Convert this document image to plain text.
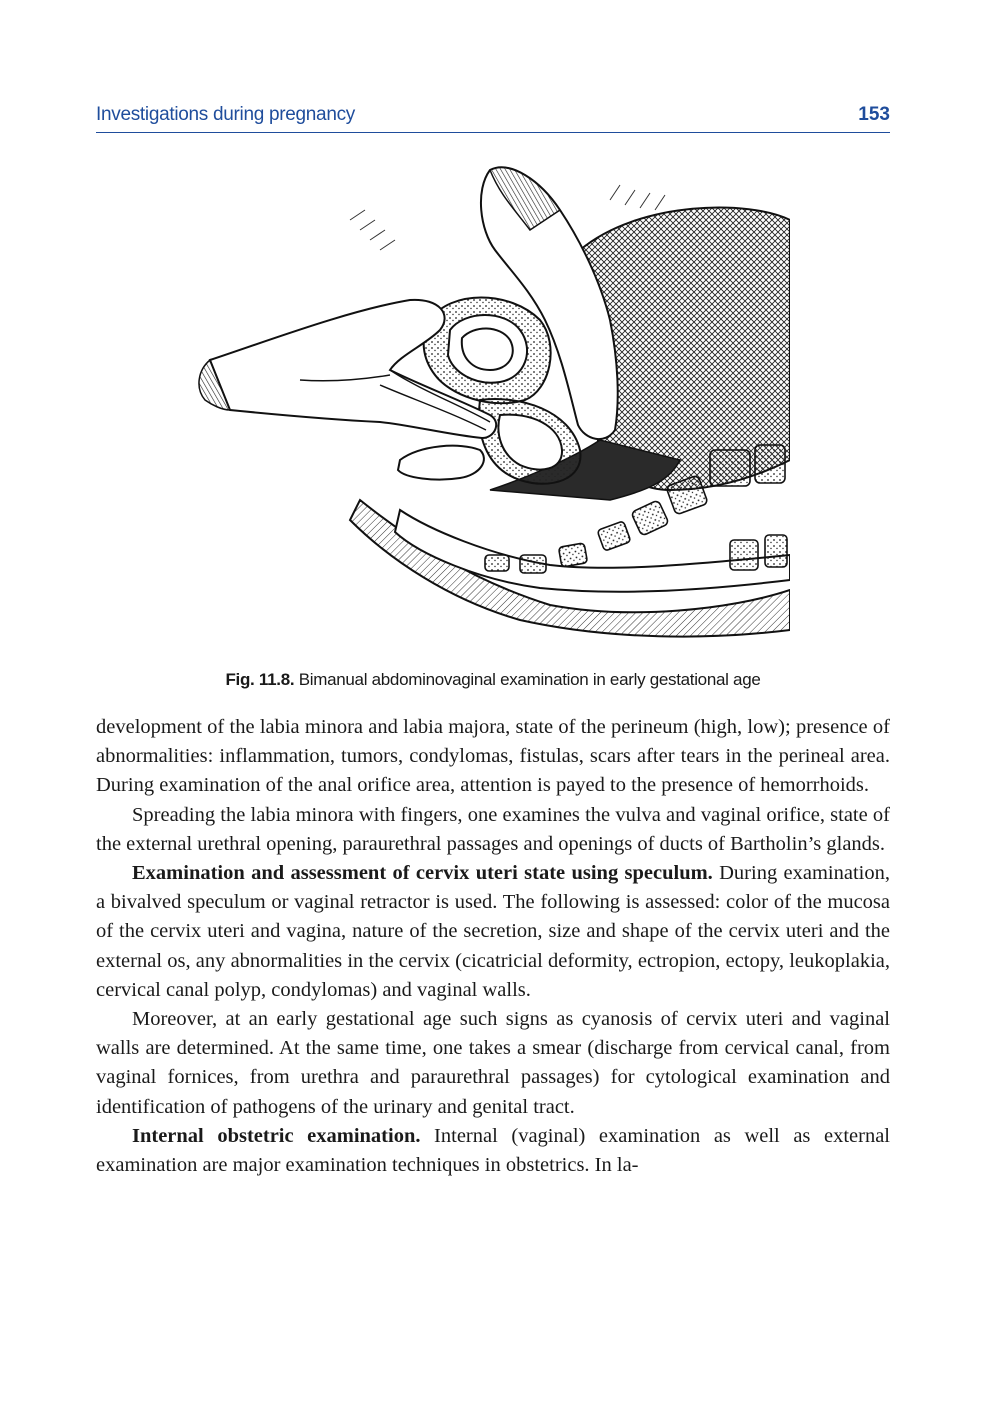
Investigations during pregnancy	153
Fig. 11.8. Bimanual abdominovaginal examination in early gestational age

development of the labia minora and labia majora, state of the perineum (high, low); presence of abnormalities: inflammation, tumors, condylomas, fistulas, scars after tears in the perineal area. During examination of the anal orifice area, attention is payed to the presence of hemorrhoids.

Spreading the labia minora with fingers, one examines the vulva and vaginal orifice, state of the external urethral opening, paraurethral passages and openings of ducts of Bartholin’s glands.

Examination and assessment of cervix uteri state using speculum. During examination, a bivalved speculum or vaginal retractor is used. The following is assessed: color of the mucosa of the cervix uteri and vagina, nature of the secretion, size and shape of the cervix uteri and the external os, any abnormalities in the cervix (cicatricial deformity, ectropion, ectopy, leukoplakia, cervical canal polyp, condylomas) and vaginal walls.

Moreover, at an early gestational age such signs as cyanosis of cervix uteri and vaginal walls are determined. At the same time, one takes a smear (discharge from cervical canal, from vaginal fornices, from urethra and paraurethral passages) for cytological examination and identification of pathogens of the urinary and genital tract.

Internal obstetric examination. Internal (vaginal) examination as well as external examination are major examination techniques in obstetrics. In la-
